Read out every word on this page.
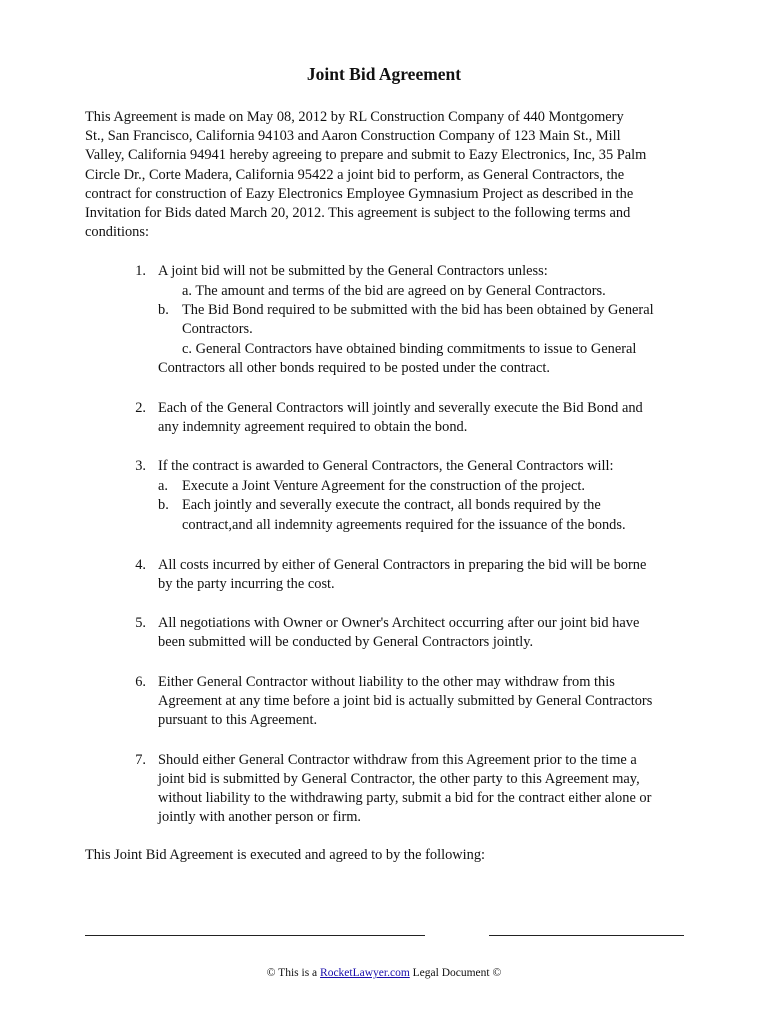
Joint Bid Agreement

This Agreement is made on May 08, 2012 by RL Construction Company of 440 Montgomery
St., San Francisco, California 94103 and Aaron Construction Company of 123 Main St., Mill
Valley, California 94941 hereby agreeing to prepare and submit to Eazy Electronics, Inc, 35 Palm
Circle Dr., Corte Madera, California 95422 a joint bid to perform, as General Contractors, the
contract for construction of Eazy Electronics Employee Gymnasium Project as described in the
Invitation for Bids dated March 20, 2012. This agreement is subject to the following terms and
conditions:

1. A joint bid will not be submitted by the General Contractors unless:
a. The amount and terms of the bid are agreed on by General Contractors.
b. The Bid Bond required to be submitted with the bid has been obtained by General
Contractors.
c. General Contractors have obtained binding commitments to issue to General
Contractors all other bonds required to be posted under the contract.
2. Each of the General Contractors will jointly and severally execute the Bid Bond and
any indemnity agreement required to obtain the bond.
3. If the contract is awarded to General Contractors, the General Contractors will:
a. Execute a Joint Venture Agreement for the construction of the project.
b. Each jointly and severally execute the contract, all bonds required by the
contract,and all indemnity agreements required for the issuance of the bonds.
4. All costs incurred by either of General Contractors in preparing the bid will be borne
by the party incurring the cost.
5. All negotiations with Owner or Owner's Architect occurring after our joint bid have
been submitted will be conducted by General Contractors jointly.
6. Either General Contractor without liability to the other may withdraw from this
Agreement at any time before a joint bid is actually submitted by General Contractors
pursuant to this Agreement.
7. Should either General Contractor withdraw from this Agreement prior to the time a
joint bid is submitted by General Contractor, the other party to this Agreement may,
without liability to the withdrawing party, submit a bid for the contract either alone or
jointly with another person or firm.
This Joint Bid Agreement is executed and agreed to by the following:
© This is a RocketLawyer.com Legal Document ©
